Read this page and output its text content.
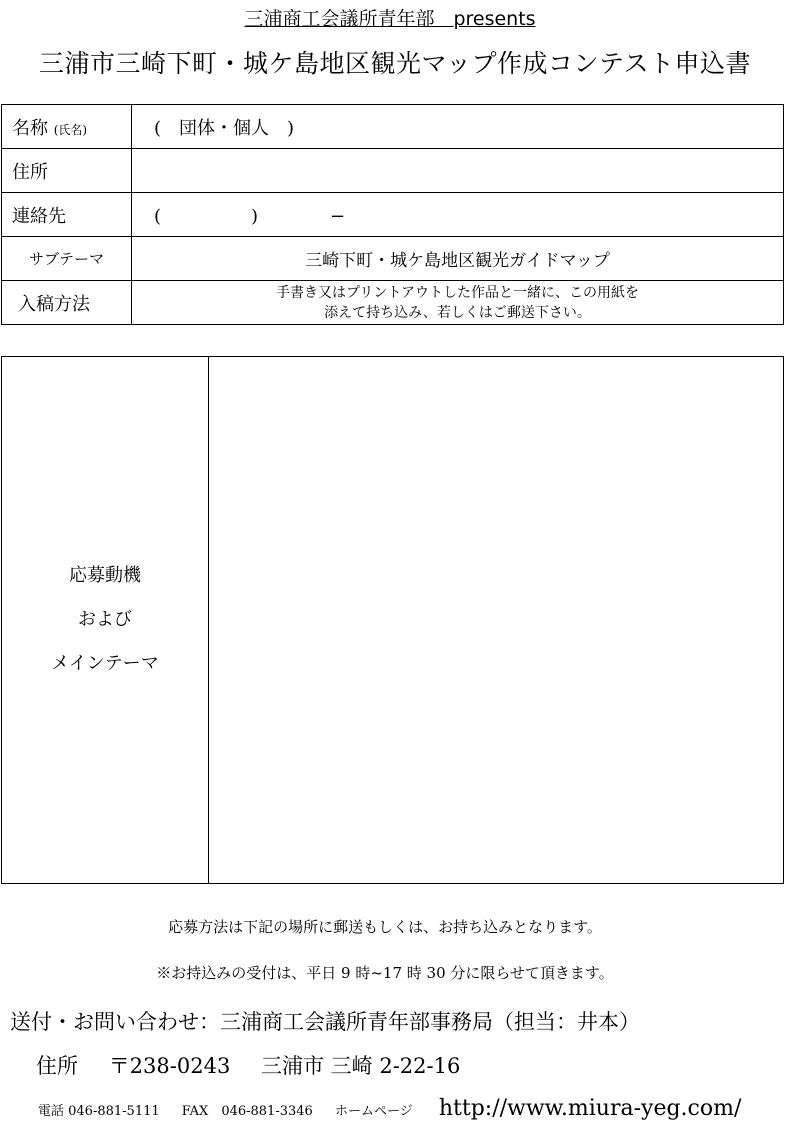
三浦商工会議所青年部　presents
三浦市三崎下町・城ケ島地区観光マップ作成コンテスト申込書
名称 (氏名)	(　団体・個人　)
住所	
連絡先	(　　　　　)　　　　−
サブテーマ	三崎下町・城ケ島地区観光ガイドマップ
入稿方法	手書き又はプリントアウトした作品と一緒に、この用紙を
添えて持ち込み、若しくはご郵送下さい。
応募動機
および
メインテーマ

応募方法は下記の場所に郵送もしくは、お持ち込みとなります。
※お持込みの受付は、平日 9 時~17 時 30 分に限らせて頂きます。
送付・お問い合わせ：三浦商工会議所青年部事務局（担当：井本）
住所 〒238-0243 三浦市 三崎 2-22-16
電話 046-881-5111 FAX　046-881-3346 ホームページ http://www.miura-yeg.com/
